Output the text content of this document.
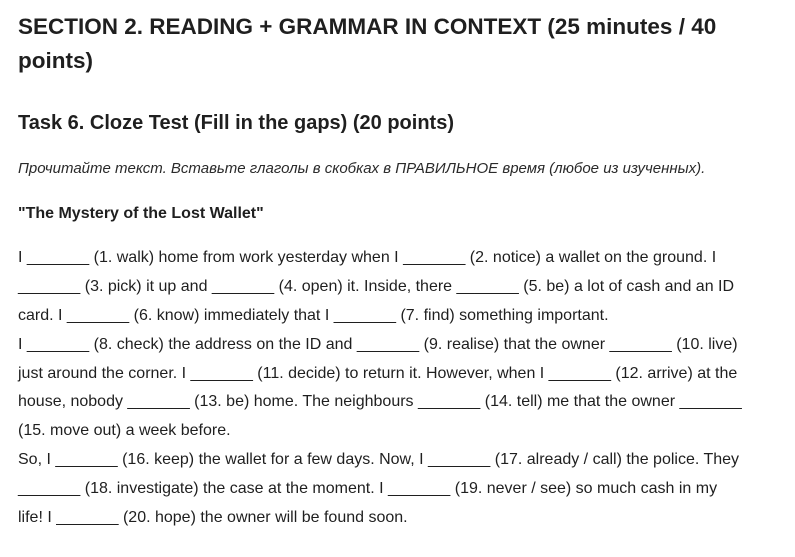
SECTION 2. READING + GRAMMAR IN CONTEXT (25 minutes / 40 points)
Task 6. Cloze Test (Fill in the gaps) (20 points)
Прочитайте текст. Вставьте глаголы в скобках в ПРАВИЛЬНОЕ время (любое из изученных).
"The Mystery of the Lost Wallet"
I _______ (1. walk) home from work yesterday when I _______ (2. notice) a wallet on the ground. I
_______ (3. pick) it up and _______ (4. open) it. Inside, there _______ (5. be) a lot of cash and an ID
card. I _______ (6. know) immediately that I _______ (7. find) something important.
I _______ (8. check) the address on the ID and _______ (9. realise) that the owner _______ (10. live)
just around the corner. I _______ (11. decide) to return it. However, when I _______ (12. arrive) at the
house, nobody _______ (13. be) home. The neighbours _______ (14. tell) me that the owner _______
(15. move out) a week before.
So, I _______ (16. keep) the wallet for a few days. Now, I _______ (17. already / call) the police. They
_______ (18. investigate) the case at the moment. I _______ (19. never / see) so much cash in my
life! I _______ (20. hope) the owner will be found soon.
